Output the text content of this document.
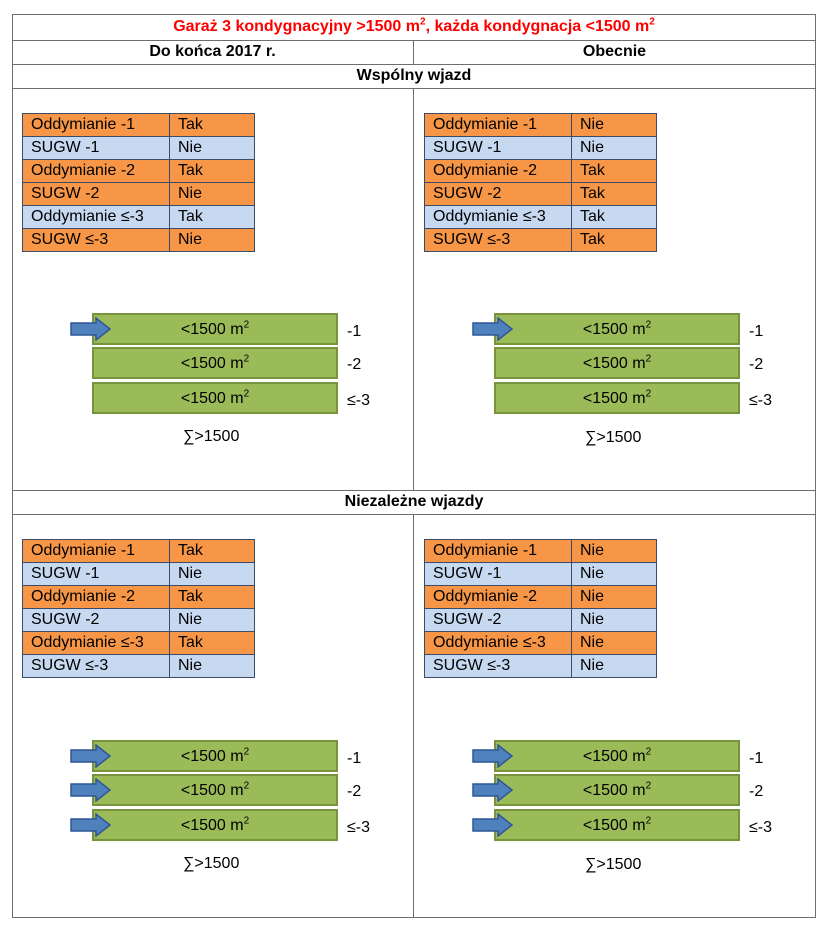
Garaż 3 kondygnacyjny >1500 $m^2$, każda kondygnacja <1500 $m^2$
Do końca 2017 r.	Obecnie
Wspólny wjazd
Niezależne wjazdy
Oddymianie -1	Tak
SUGW -1	Nie
Oddymianie -2	Tak
SUGW -2	Nie
Oddymianie ≤-3	Tak
SUGW ≤-3	Nie
Oddymianie -1	Nie
SUGW -1	Nie
Oddymianie -2	Tak
SUGW -2	Tak
Oddymianie ≤-3	Tak
SUGW ≤-3	Tak
Oddymianie -1	Tak
SUGW -1	Nie
Oddymianie -2	Tak
SUGW -2	Nie
Oddymianie ≤-3	Tak
SUGW ≤-3	Nie
Oddymianie -1	Nie
SUGW -1	Nie
Oddymianie -2	Nie
SUGW -2	Nie
Oddymianie ≤-3	Nie
SUGW ≤-3	Nie
<1500 $m^2$	-1
<1500 $m^2$	-2
<1500 $m^2$	≤-3
<1500 $m^2$	-1
<1500 $m^2$	-2
<1500 $m^2$	≤-3
<1500 $m^2$	-1
<1500 $m^2$	-2
<1500 $m^2$	≤-3
<1500 $m^2$	-1
<1500 $m^2$	-2
<1500 $m^2$	≤-3
∑>1500	∑>1500
∑>1500	∑>1500
